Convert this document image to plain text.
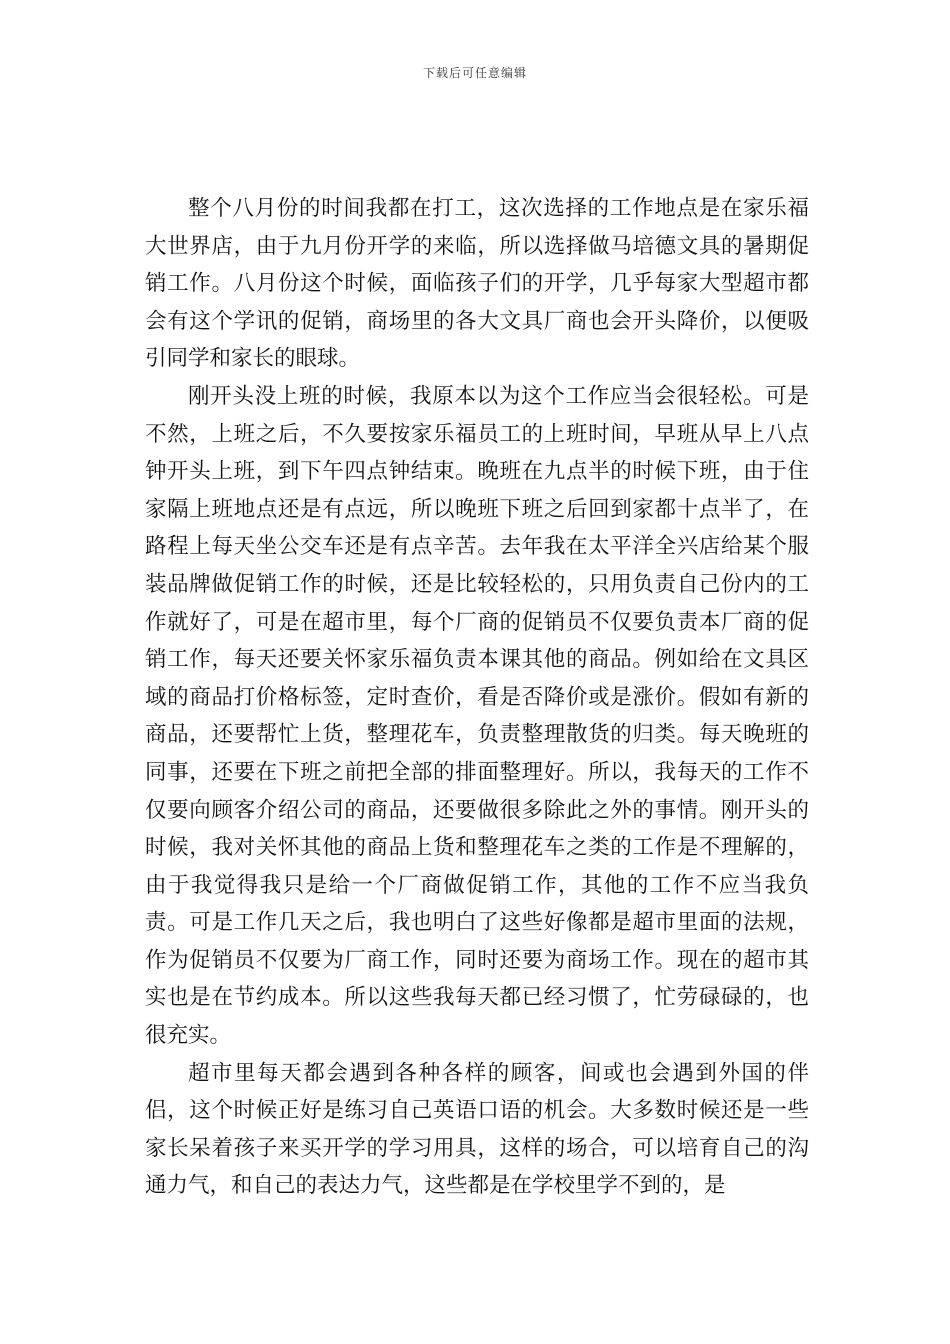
下载后可任意编辑

整个八月份的时间我都在打工，这次选择的工作地点是在家乐福大世界店，由于九月份开学的来临，所以选择做马培德文具的暑期促销工作。八月份这个时候，面临孩子们的开学，几乎每家大型超市都会有这个学讯的促销，商场里的各大文具厂商也会开头降价，以便吸引同学和家长的眼球。

刚开头没上班的时候，我原本以为这个工作应当会很轻松。可是不然，上班之后，不久要按家乐福员工的上班时间，早班从早上八点钟开头上班，到下午四点钟结束。晚班在九点半的时候下班，由于住家隔上班地点还是有点远，所以晚班下班之后回到家都十点半了，在路程上每天坐公交车还是有点辛苦。去年我在太平洋全兴店给某个服装品牌做促销工作的时候，还是比较轻松的，只用负责自己份内的工作就好了，可是在超市里，每个厂商的促销员不仅要负责本厂商的促销工作，每天还要关怀家乐福负责本课其他的商品。例如给在文具区域的商品打价格标签，定时查价，看是否降价或是涨价。假如有新的商品，还要帮忙上货，整理花车，负责整理散货的归类。每天晚班的同事，还要在下班之前把全部的排面整理好。所以，我每天的工作不仅要向顾客介绍公司的商品，还要做很多除此之外的事情。刚开头的时候，我对关怀其他的商品上货和整理花车之类的工作是不理解的，由于我觉得我只是给一个厂商做促销工作，其他的工作不应当我负责。可是工作几天之后，我也明白了这些好像都是超市里面的法规，作为促销员不仅要为厂商工作，同时还要为商场工作。现在的超市其实也是在节约成本。所以这些我每天都已经习惯了，忙劳碌碌的，也很充实。

超市里每天都会遇到各种各样的顾客，间或也会遇到外国的伴侣，这个时候正好是练习自己英语口语的机会。大多数时候还是一些家长呆着孩子来买开学的学习用具，这样的场合，可以培育自己的沟通力气，和自己的表达力气，这些都是在学校里学不到的，是
